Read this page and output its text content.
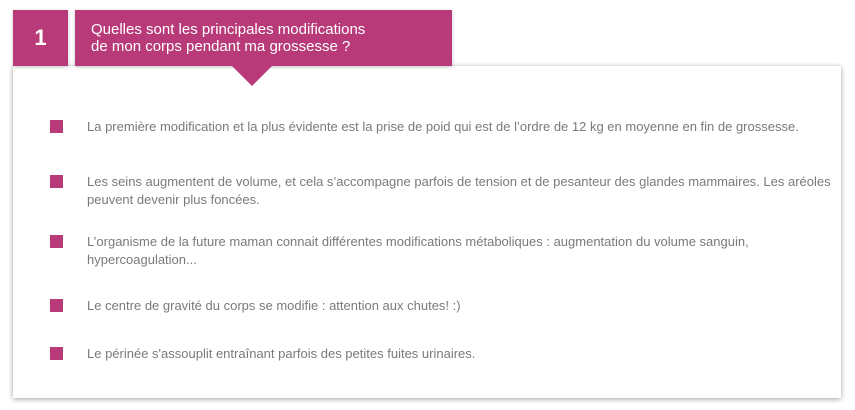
1	Quelles sont les principales modifications
de mon corps pendant ma grossesse ?
La première modification et la plus évidente est la prise de poid qui est de l’ordre de 12 kg en moyenne en fin de grossesse.
Les seins augmentent de volume, et cela s’accompagne parfois de tension et de pesanteur des glandes mammaires. Les aréoles peuvent devenir plus foncées.
L’organisme de la future maman connait différentes modifications métaboliques : augmentation du volume sanguin, hypercoagulation...
Le centre de gravité du corps se modifie : attention aux chutes! :)
Le périnée s'assouplit entraînant parfois des petites fuites urinaires.
